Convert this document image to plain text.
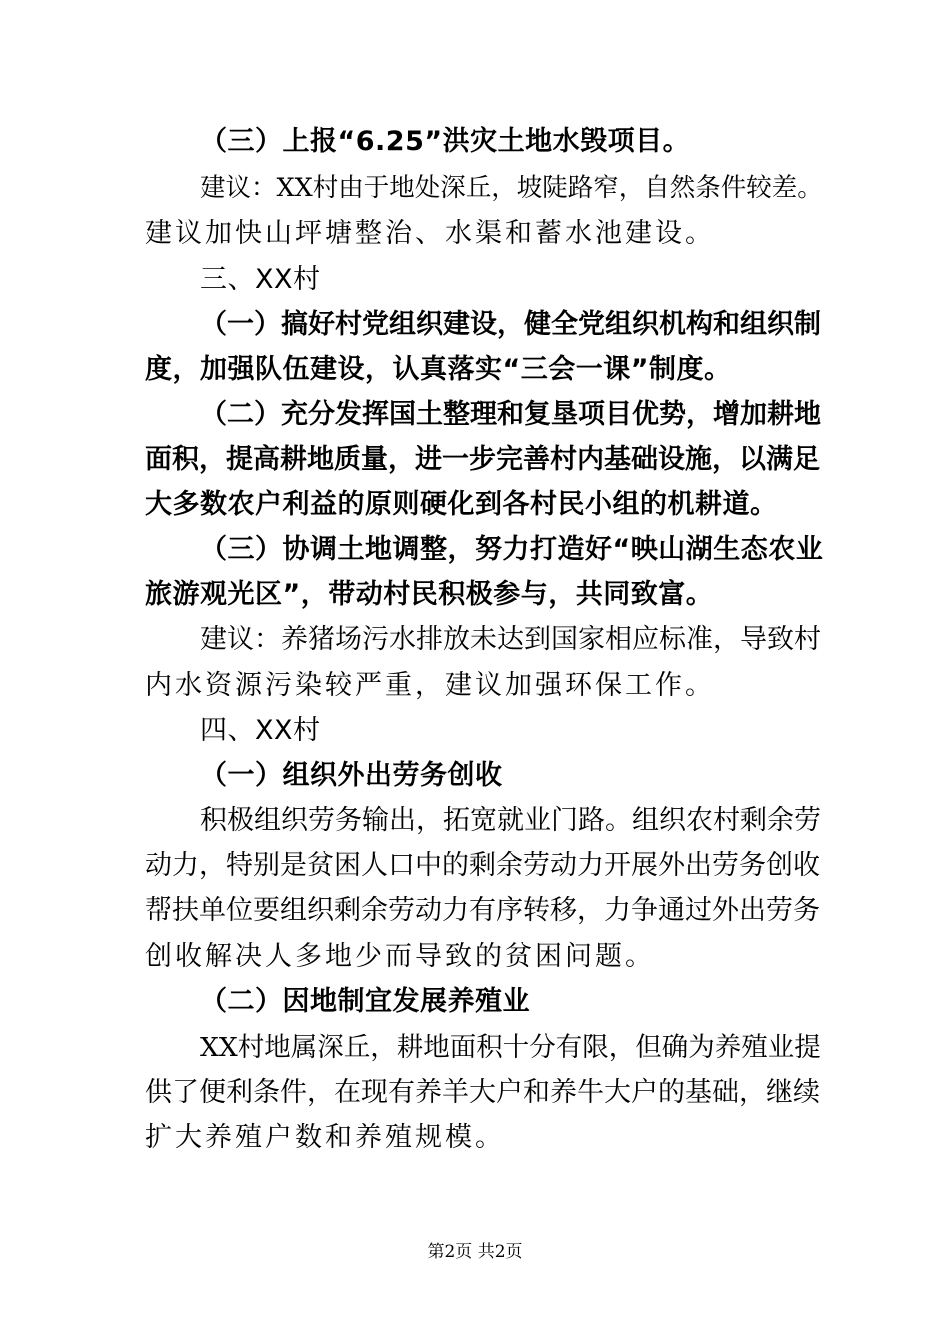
（三）上报“6.25”洪灾土地水毁项目。
建议：XX村由于地处深丘，坡陡路窄，自然条件较差。
建议加快山坪塘整治、水渠和蓄水池建设。
三、XX村
（一）搞好村党组织建设，健全党组织机构和组织制
度，加强队伍建设，认真落实“三会一课”制度。
（二）充分发挥国土整理和复垦项目优势，增加耕地
面积，提高耕地质量，进一步完善村内基础设施，以满足
大多数农户利益的原则硬化到各村民小组的机耕道。
（三）协调土地调整，努力打造好“映山湖生态农业
旅游观光区”，带动村民积极参与，共同致富。
建议：养猪场污水排放未达到国家相应标准，导致村
内水资源污染较严重，建议加强环保工作。
四、XX村
（一）组织外出劳务创收
积极组织劳务输出，拓宽就业门路。组织农村剩余劳
动力，特别是贫困人口中的剩余劳动力开展外出劳务创收
帮扶单位要组织剩余劳动力有序转移，力争通过外出劳务
创收解决人多地少而导致的贫困问题。
（二）因地制宜发展养殖业
XX村地属深丘，耕地面积十分有限，但确为养殖业提
供了便利条件，在现有养羊大户和养牛大户的基础，继续
扩大养殖户数和养殖规模。
第2页 共2页
